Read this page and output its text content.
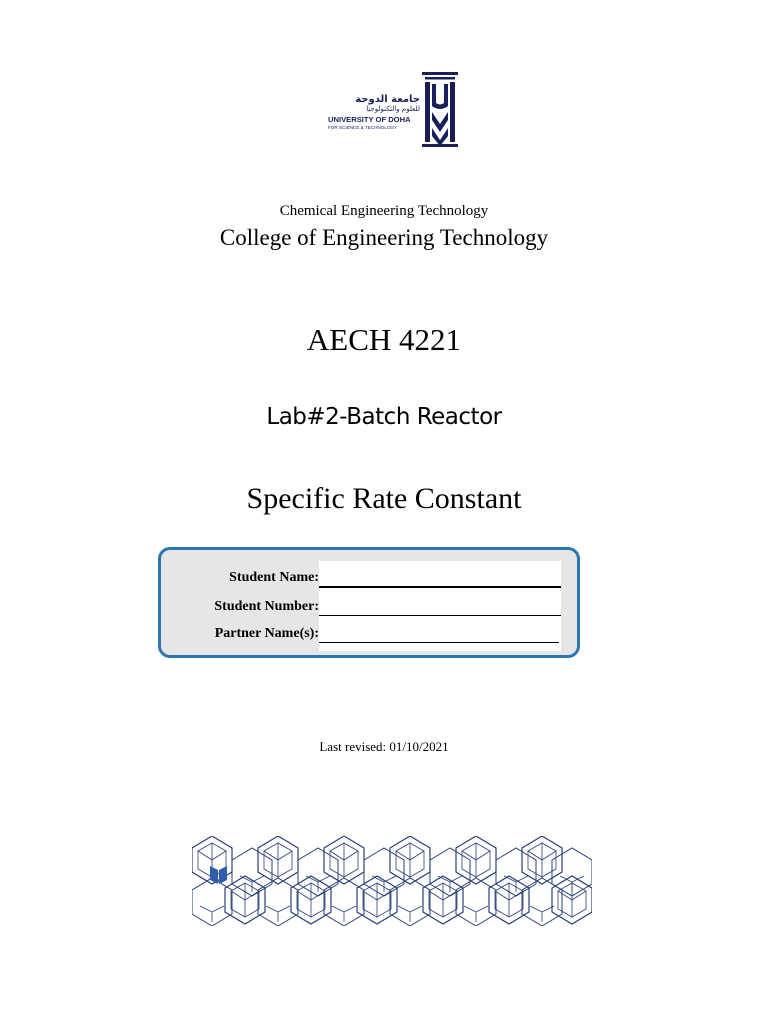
جامعة الدوحة
للعلوم والتكنولوجيا
UNIVERSITY OF DOHA
FOR SCIENCE & TECHNOLOGY
Chemical Engineering Technology
College of Engineering Technology
AECH 4221
Lab#2-Batch Reactor
Specific Rate Constant
Student Name:
Student Number:
Partner Name(s):
Last revised: 01/10/2021
